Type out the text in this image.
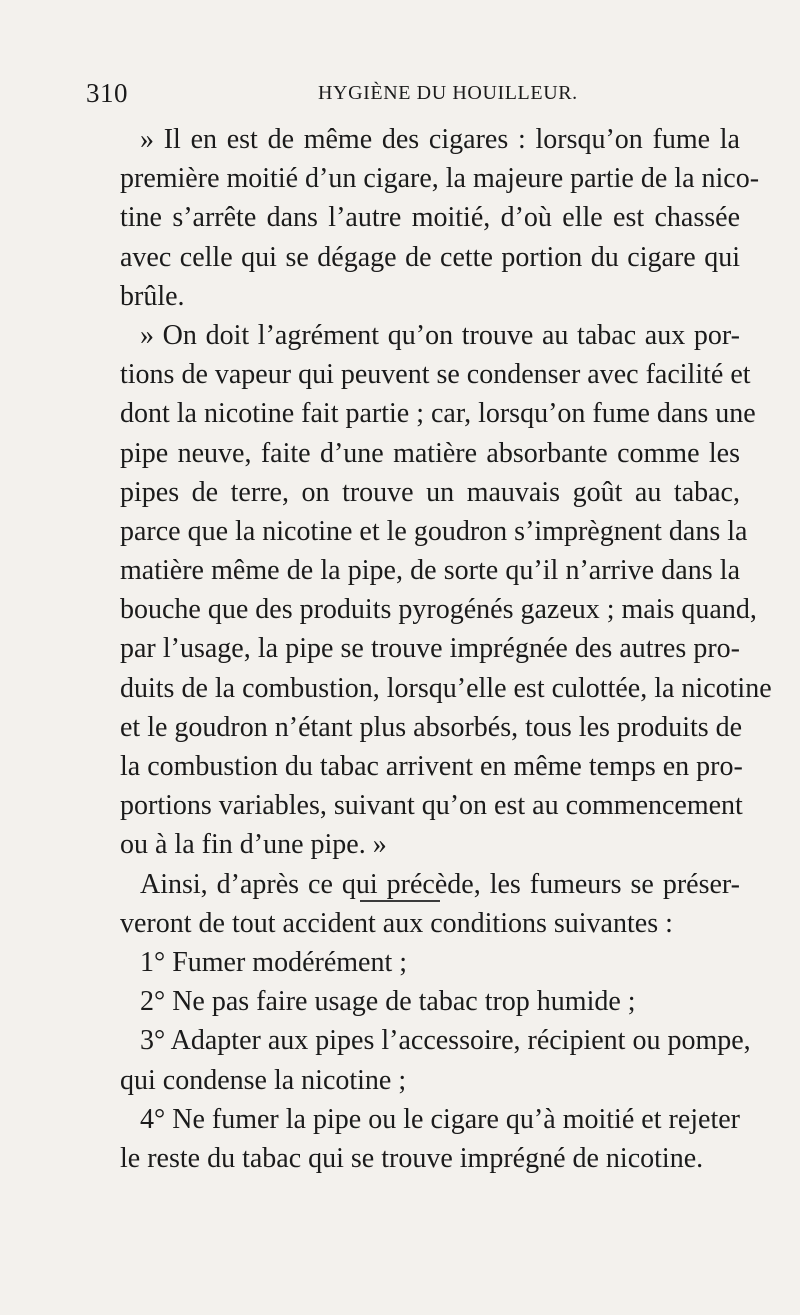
310	HYGIÈNE DU HOUILLEUR.
» Il en est de même des cigares : lorsqu’on fume la
première moitié d’un cigare, la majeure partie de la nico-
tine s’arrête dans l’autre moitié, d’où elle est chassée
avec celle qui se dégage de cette portion du cigare qui
brûle.
» On doit l’agrément qu’on trouve au tabac aux por-
tions de vapeur qui peuvent se condenser avec facilité et
dont la nicotine fait partie ; car, lorsqu’on fume dans une
pipe neuve, faite d’une matière absorbante comme les
pipes de terre, on trouve un mauvais goût au tabac,
parce que la nicotine et le goudron s’imprègnent dans la
matière même de la pipe, de sorte qu’il n’arrive dans la
bouche que des produits pyrogénés gazeux ; mais quand,
par l’usage, la pipe se trouve imprégnée des autres pro-
duits de la combustion, lorsqu’elle est culottée, la nicotine
et le goudron n’étant plus absorbés, tous les produits de
la combustion du tabac arrivent en même temps en pro-
portions variables, suivant qu’on est au commencement
ou à la fin d’une pipe. »
Ainsi, d’après ce qui précède, les fumeurs se préser-
veront de tout accident aux conditions suivantes :
1° Fumer modérément ;
2° Ne pas faire usage de tabac trop humide ;
3° Adapter aux pipes l’accessoire, récipient ou pompe,
qui condense la nicotine ;
4° Ne fumer la pipe ou le cigare qu’à moitié et rejeter
le reste du tabac qui se trouve imprégné de nicotine.
